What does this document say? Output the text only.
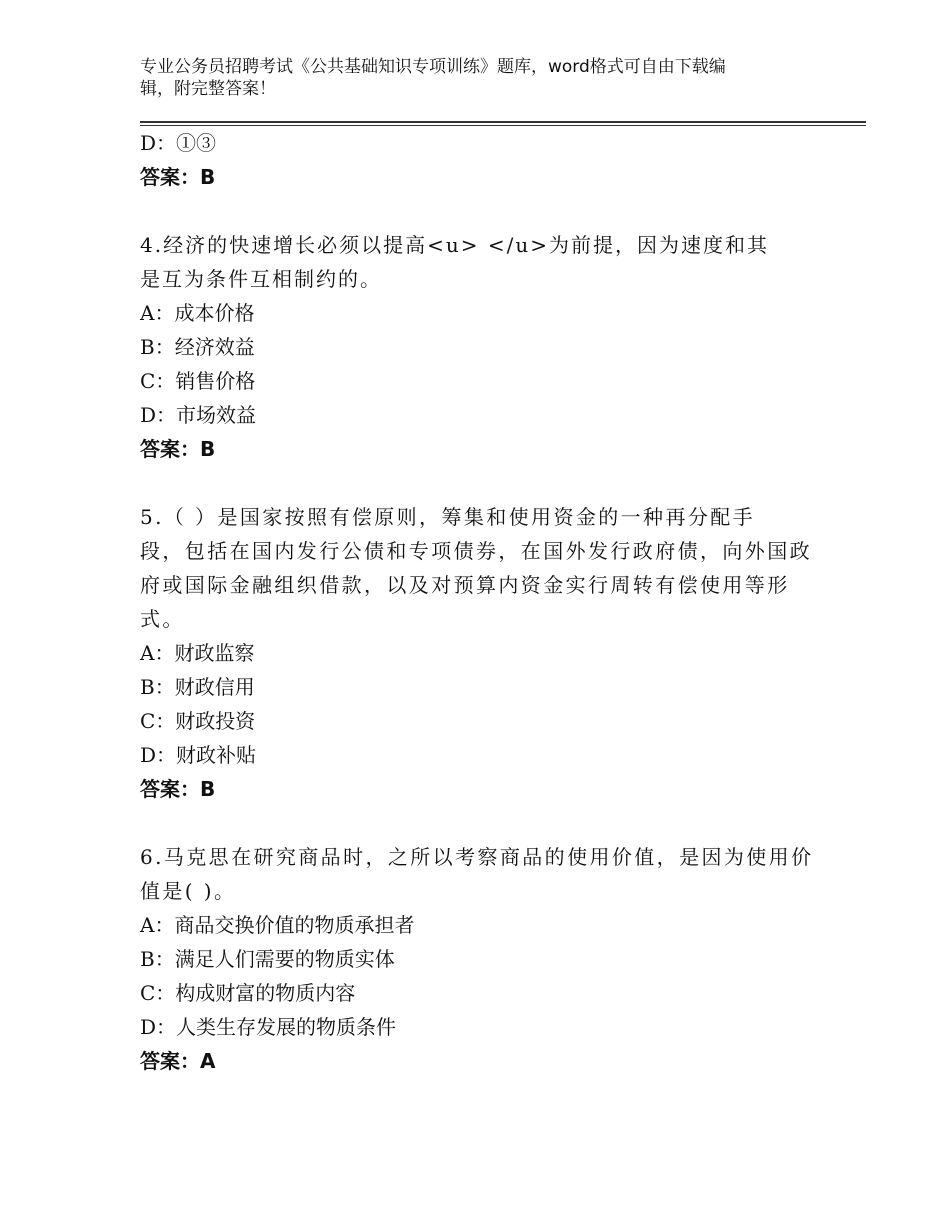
专业公务员招聘考试《公共基础知识专项训练》题库，word格式可自由下载编
辑，附完整答案！
D：①③
答案：B
4.经济的快速增长必须以提高<u> </u>为前提，因为速度和其
是互为条件互相制约的。
A：成本价格
B：经济效益
C：销售价格
D：市场效益
答案：B
5.（ ）是国家按照有偿原则，筹集和使用资金的一种再分配手
段，包括在国内发行公债和专项债券，在国外发行政府债，向外国政
府或国际金融组织借款，以及对预算内资金实行周转有偿使用等形
式。
A：财政监察
B：财政信用
C：财政投资
D：财政补贴
答案：B
6.马克思在研究商品时，之所以考察商品的使用价值，是因为使用价
值是( )。
A：商品交换价值的物质承担者
B：满足人们需要的物质实体
C：构成财富的物质内容
D：人类生存发展的物质条件
答案：A
